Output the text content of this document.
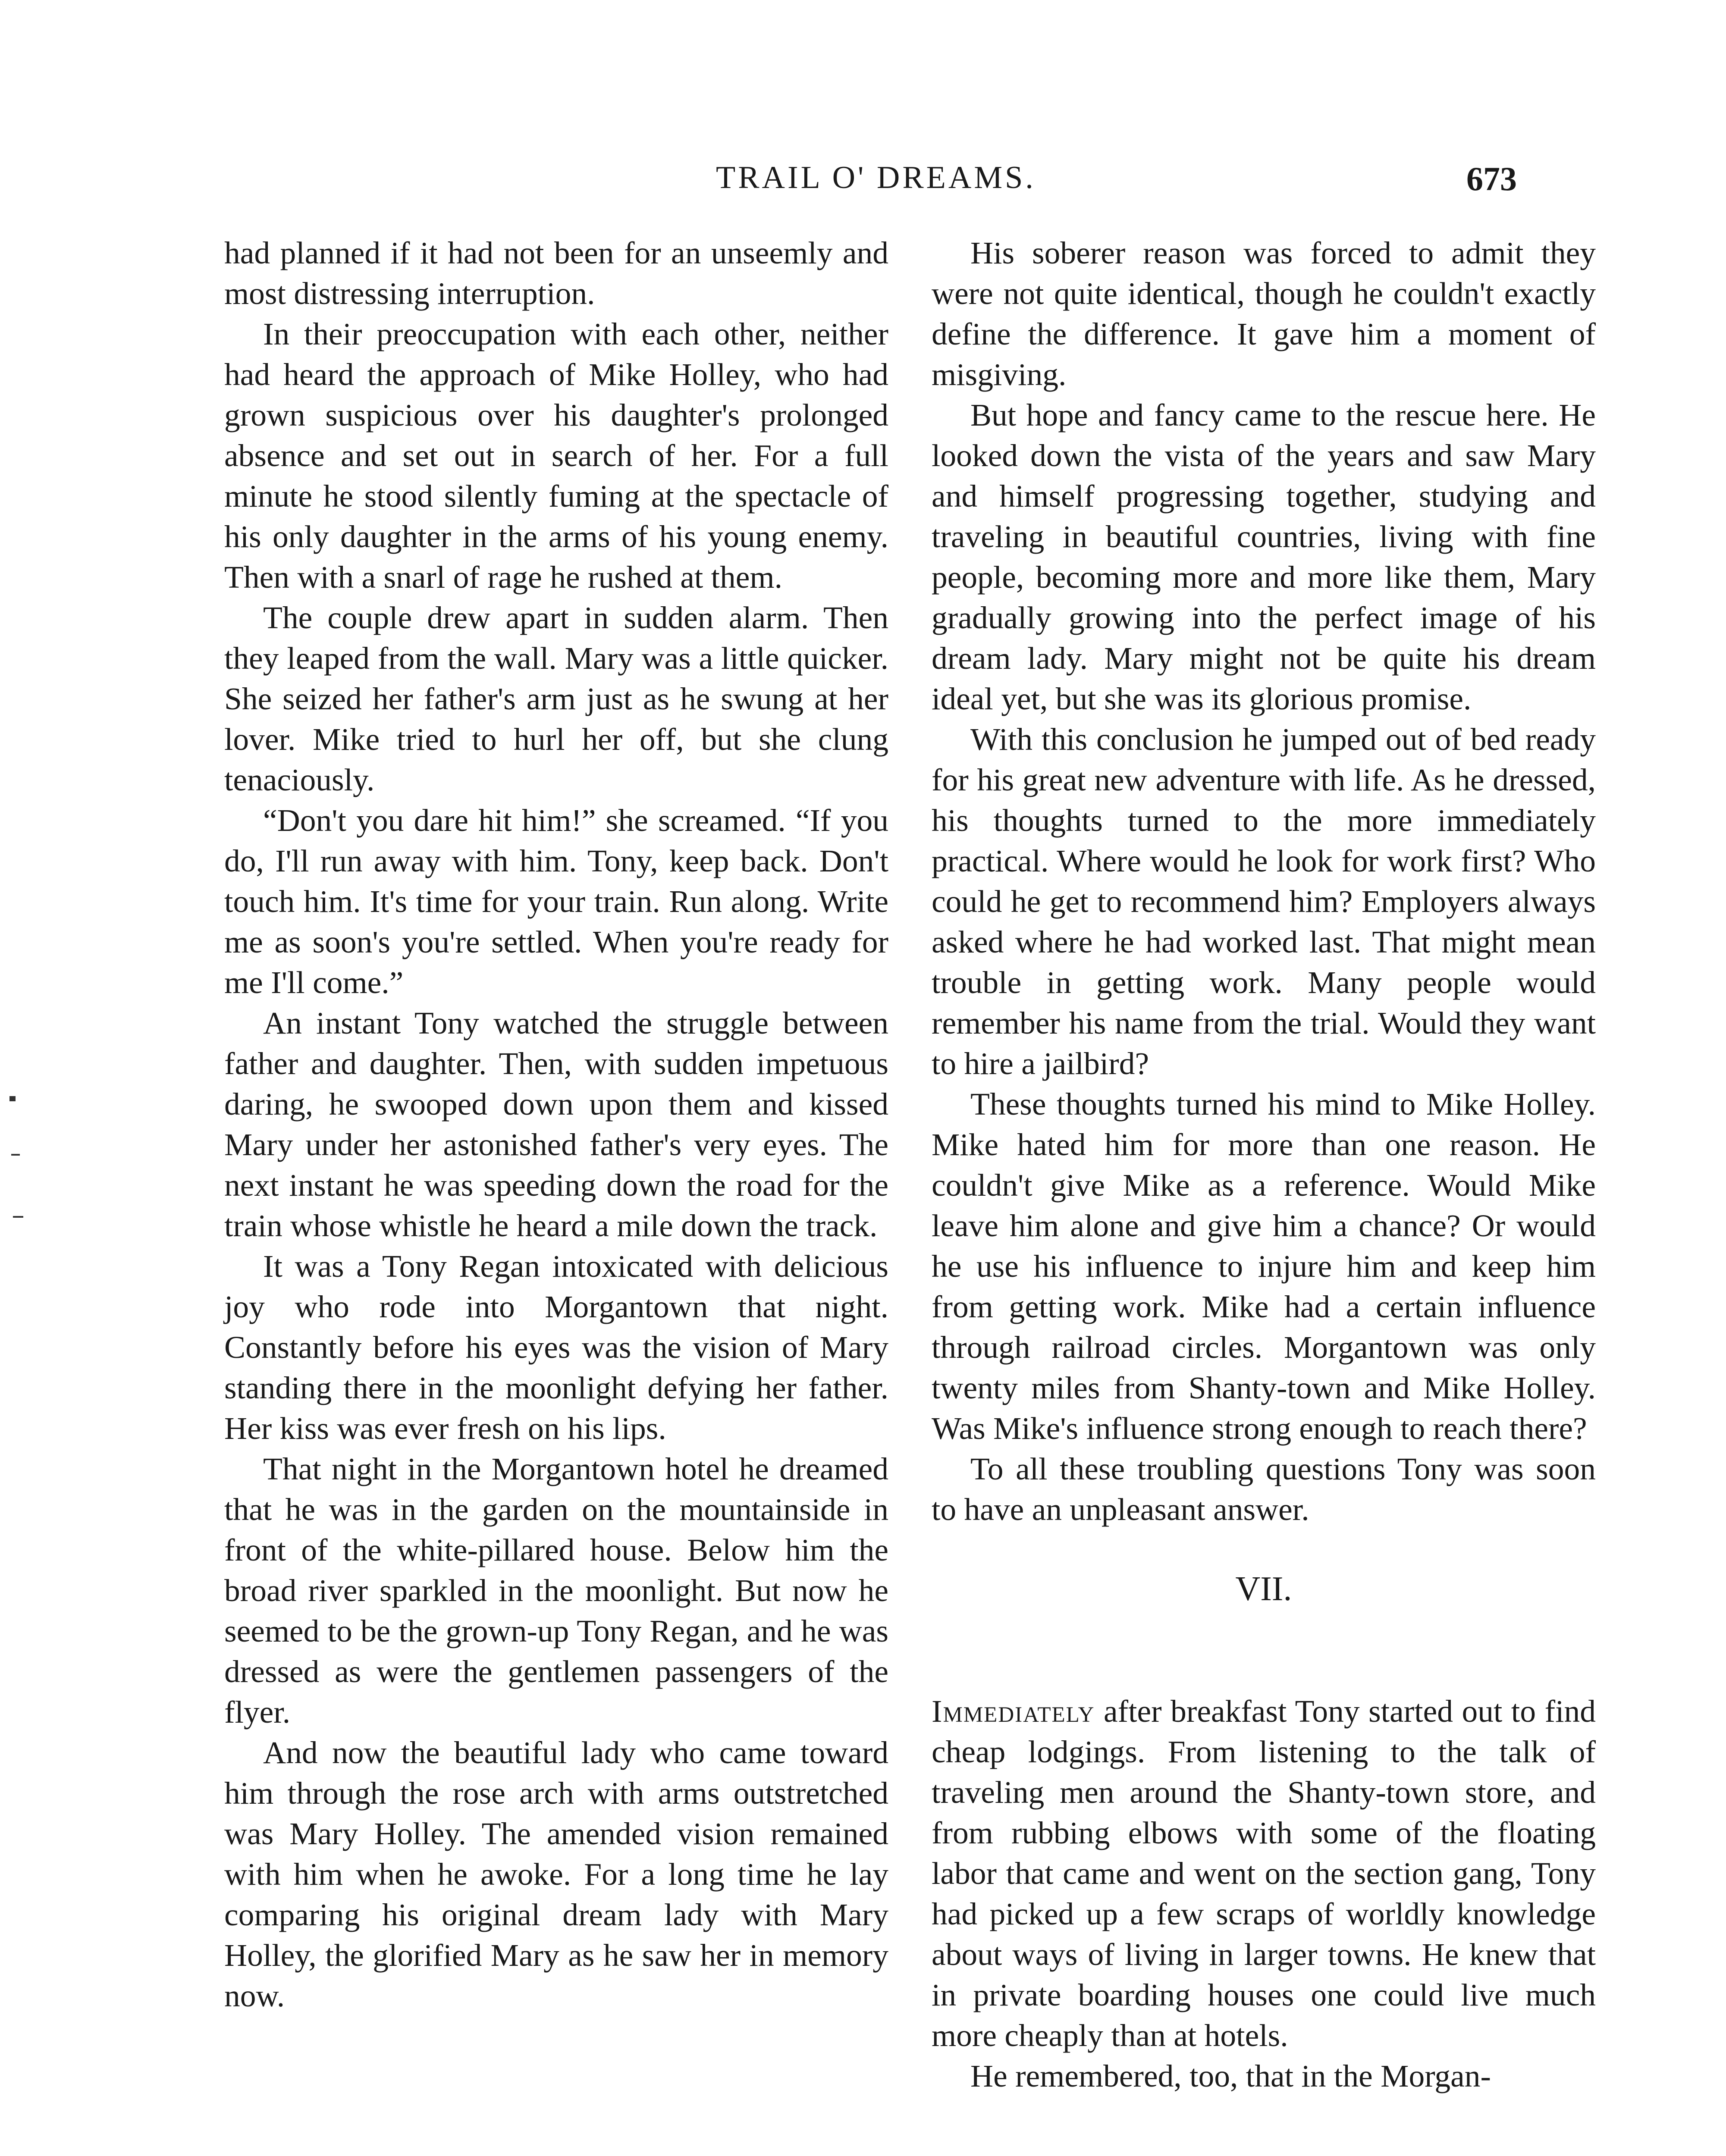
TRAIL O' DREAMS.	673

had planned if it had not been for an unseemly and most distressing interruption.

In their preoccupation with each other, neither had heard the approach of Mike Holley, who had grown suspicious over his daughter's prolonged absence and set out in search of her. For a full minute he stood silently fuming at the spectacle of his only daughter in the arms of his young enemy. Then with a snarl of rage he rushed at them.

The couple drew apart in sudden alarm. Then they leaped from the wall. Mary was a little quicker. She seized her father's arm just as he swung at her lover. Mike tried to hurl her off, but she clung tenaciously.

“Don't you dare hit him!” she screamed. “If you do, I'll run away with him. Tony, keep back. Don't touch him. It's time for your train. Run along. Write me as soon's you're settled. When you're ready for me I'll come.”

An instant Tony watched the struggle between father and daughter. Then, with sudden impetuous daring, he swooped down upon them and kissed Mary under her astonished father's very eyes. The next instant he was speeding down the road for the train whose whistle he heard a mile down the track.

It was a Tony Regan intoxicated with delicious joy who rode into Morgantown that night. Constantly before his eyes was the vision of Mary standing there in the moonlight defying her father. Her kiss was ever fresh on his lips.

That night in the Morgantown hotel he dreamed that he was in the garden on the mountainside in front of the white-pillared house. Below him the broad river sparkled in the moonlight. But now he seemed to be the grown-up Tony Regan, and he was dressed as were the gentlemen passengers of the flyer.

And now the beautiful lady who came toward him through the rose arch with arms outstretched was Mary Holley. The amended vision remained with him when he awoke. For a long time he lay comparing his original dream lady with Mary Holley, the glorified Mary as he saw her in memory now.

His soberer reason was forced to admit they were not quite identical, though he couldn't exactly define the difference. It gave him a moment of misgiving.

But hope and fancy came to the rescue here. He looked down the vista of the years and saw Mary and himself progressing together, studying and traveling in beautiful countries, living with fine people, becoming more and more like them, Mary gradually growing into the perfect image of his dream lady. Mary might not be quite his dream ideal yet, but she was its glorious promise.

With this conclusion he jumped out of bed ready for his great new adventure with life. As he dressed, his thoughts turned to the more immediately practical. Where would he look for work first? Who could he get to recommend him? Employers always asked where he had worked last. That might mean trouble in getting work. Many people would remember his name from the trial. Would they want to hire a jailbird?

These thoughts turned his mind to Mike Holley. Mike hated him for more than one reason. He couldn't give Mike as a reference. Would Mike leave him alone and give him a chance? Or would he use his influence to injure him and keep him from getting work. Mike had a certain influence through railroad circles. Morgantown was only twenty miles from Shanty-town and Mike Holley. Was Mike's influence strong enough to reach there?

To all these troubling questions Tony was soon to have an unpleasant answer.

VII.

Immediately after breakfast Tony started out to find cheap lodgings. From listening to the talk of traveling men around the Shanty-town store, and from rubbing elbows with some of the floating labor that came and went on the section gang, Tony had picked up a few scraps of worldly knowledge about ways of living in larger towns. He knew that in private boarding houses one could live much more cheaply than at hotels.

He remembered, too, that in the Morgan-
